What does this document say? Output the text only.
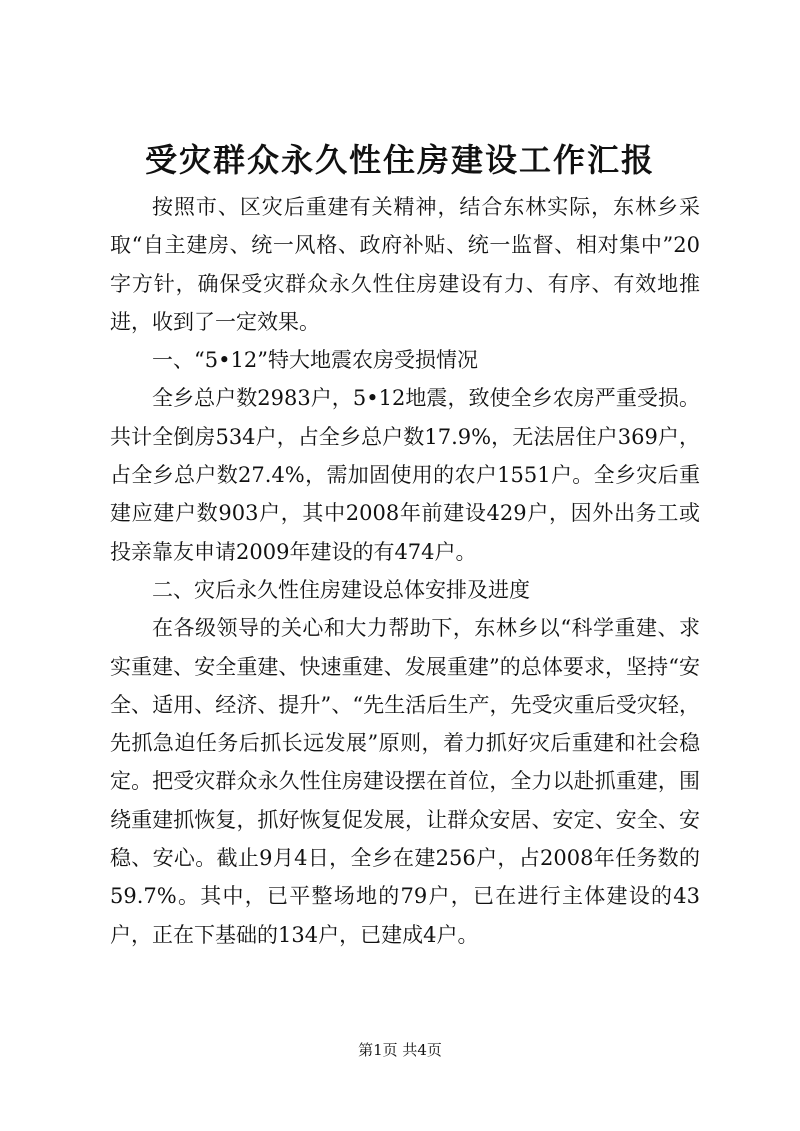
受灾群众永久性住房建设工作汇报

按照市、区灾后重建有关精神，结合东林实际，东林乡采取“自主建房、统一风格、政府补贴、统一监督、相对集中”20字方针，确保受灾群众永久性住房建设有力、有序、有效地推进，收到了一定效果。

一、“5•12”特大地震农房受损情况

全乡总户数2983户，5•12地震，致使全乡农房严重受损。共计全倒房534户，占全乡总户数17.9%，无法居住户369户，占全乡总户数27.4%，需加固使用的农户1551户。全乡灾后重建应建户数903户，其中2008年前建设429户，因外出务工或投亲靠友申请2009年建设的有474户。

二、灾后永久性住房建设总体安排及进度

在各级领导的关心和大力帮助下，东林乡以“科学重建、求实重建、安全重建、快速重建、发展重建”的总体要求，坚持“安全、适用、经济、提升”、“先生活后生产，先受灾重后受灾轻，先抓急迫任务后抓长远发展”原则，着力抓好灾后重建和社会稳定。把受灾群众永久性住房建设摆在首位，全力以赴抓重建，围绕重建抓恢复，抓好恢复促发展，让群众安居、安定、安全、安稳、安心。截止9月4日，全乡在建256户，占2008年任务数的59.7%。其中，已平整场地的79户，已在进行主体建设的43户，正在下基础的134户，已建成4户。

第1页 共4页
